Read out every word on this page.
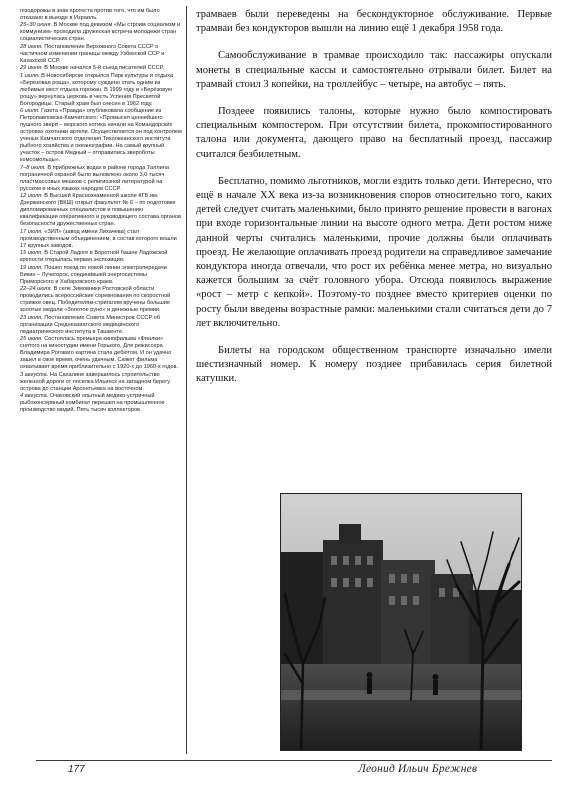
гезодорожы в знак протеста против того, что им было отказано в выезде в Израиль.

25–30 июня. В Москве под девизом «Мы строим социализм и коммунизм» проходила дружеская встреча молодежи стран социалистических стран.

28 июня. Постановление Верховного Совета СССР о частичном изменении границы между Узбекской ССР и Казахской ССР.

29 июня. В Москве начался 5-й съезд писателей СССР.

1 июля. В Новосибирске открылся Парк культуры и отдыха «Березовая роща», которому суждено стать одним из любимых мест отдыха горожан. В 1999 году в «Берёзовую рощу» вернулась церковь в честь Успения Пресвятой Богородицы. Старый храм был снесен в 1962 году.

6 июля. Газета «Правда» опубликовала сообщение из Петропавловска-Камчатского: «Промысел ценнейшего пушного зверя – морского котика начали на Командорских островах охотники артели. Осуществляется он под контролем ученых Камчатского отделения Тихоокеанского института рыбного хозяйства и океанографии. На самый крупный участок – остров Медный – отправились звероботы комсомольцы».

7–8 июля. В прибрежных водах в районе города Таллина пограничной охраной было выловлено около 3,0 тысяч пластмассовых мешков с религиозной литературой на русском и иных языках народов СССР.

12 июля. В Высшей Краснознаменной школе КГБ им. Дзержинского (ВКШ) открыт факультет № 6 – по подготовке дипломированных специалистов и повышению квалификации оперативного и руководящего состава органов безопасности дружественных стран.

17 июля. «ЗИЛ» (завод имени Лихачева) стал производственным объединением, в состав которого вошли 17 крупных заводов.

15 июля. В Старой Ладоге в Воротной башне Ладожской крепости открылась первая экспозиция.

19 июля. Пошел поезд по новой линии электропередачи Бикин – Лучегорск, соединившей энергосистемы Приморского и Хабаровского краев.

22–24 июля. В селе Зимовники Ростовской области проводились всероссийские соревнования по скоростной стрижке овец. Победителям-стригалям вручены большие золотые медали «Золотое руно» и денежные премии.

23 июля. Постановление Совета Министров СССР об организации Среднеазиатского медицинского педиатрического института в Ташкенте.

25 июля. Состоялась премьера кинофильма «Фиалки» снятого на киностудии имени Горького. Для режиссера Владимира Роговаго картина стала дебютом. И он удачно зашел в свое время, очень удачным. Сюжет фильма охватывает время приблизительно с 1920-х до 1960-х годов.

3 августа. На Сахалине завершилось строительство железной дороги от поселка Ильинск на западном берегу острова до станции Арсентьевка на восточном.

4 августа. Очаковский опытный медико-устричный рыбоконсервный комбинат перешел на промышленное производство мидий. Пять тысяч коллекторов

трамваев были переведены на бескондукторное обслуживание. Первые трамваи без кондукторов вышли на линию ещё 1 декабря 1958 года.

Самообслуживание в трамвае происходило так: пассажиры опускали монеты в специальные кассы и самостоятельно отрывали билет. Билет на трамвай стоил 3 копейки, на троллейбус – четыре, на автобус – пять.

Поздеее появились талоны, которые нужно было компостировать специальным компостером. При отсутствии билета, прокомпостированного талона или документа, дающего право на бесплатный проезд, пассажир считался безбилетным.

Бесплатно, помимо льготников, могли ездить только дети. Интересно, что ещё в начале XX века из-за возникновения споров относительно того, каких детей следует считать маленькими, было принято решение провести в вагонах при входе горизонтальные линии на высоте одного метра. Дети ростом ниже данной черты считались маленькими, прочие должны были оплачивать проезд. Не желающие оплачивать проезд родители на справедливое замечание кондуктора иногда отвечали, что рост их ребёнка менее метра, но визуально кажется большим за счёт головного убора. Отсюда появилось выражение «рост – метр с кепкой». Поэтому-то позднее вместо критериев оценки по росту были введены возрастные рамки: маленькими стали считаться дети до 7 лет включительно.

Билеты на городском общественном транспорте изначально имели шестизначный номер. К номеру позднее прибавилась серия билетной катушки.

177	Леонид Ильич Брежнев
